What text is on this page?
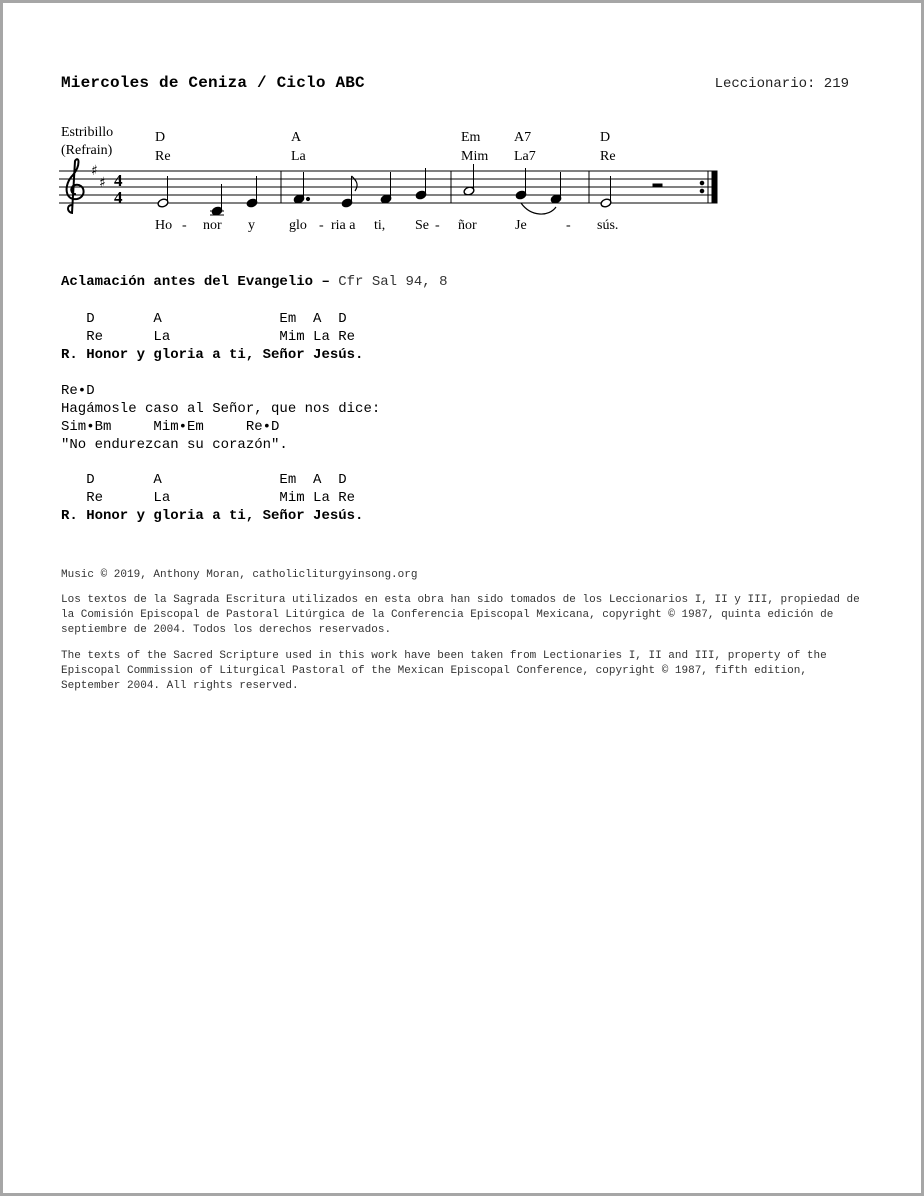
Miercoles de Ceniza / Ciclo ABC	Leccionario: 219
Estribillo
(Refrain)
D
Re
A
La
Em
Mim
A7
La7
D
Re
♯
♯ 4
4
Ho - nor y glo - ria a ti, Se - ñor	Je	- sús.
Aclamación antes del Evangelio – Cfr Sal 94, 8
D       A              Em  A  D
Re      La             Mim La Re
R. Honor y gloria a ti, Señor Jesús.
Re•D
Hagámosle caso al Señor, que nos dice:
Sim•Bm     Mim•Em     Re•D
"No endurezcan su corazón".
D       A              Em  A  D
Re      La             Mim La Re
R. Honor y gloria a ti, Señor Jesús.
Music © 2019, Anthony Moran, catholicliturgyinsong.org
Los textos de la Sagrada Escritura utilizados en esta obra han sido tomados de los Leccionarios I, II y III, propiedad de la Comisión Episcopal de Pastoral Litúrgica de la Conferencia Episcopal Mexicana, copyright © 1987, quinta edición de septiembre de 2004. Todos los derechos reservados.
The texts of the Sacred Scripture used in this work have been taken from Lectionaries I, II and III, property of the Episcopal Commission of Liturgical Pastoral of the Mexican Episcopal Conference, copyright © 1987, fifth edition, September 2004. All rights reserved.
